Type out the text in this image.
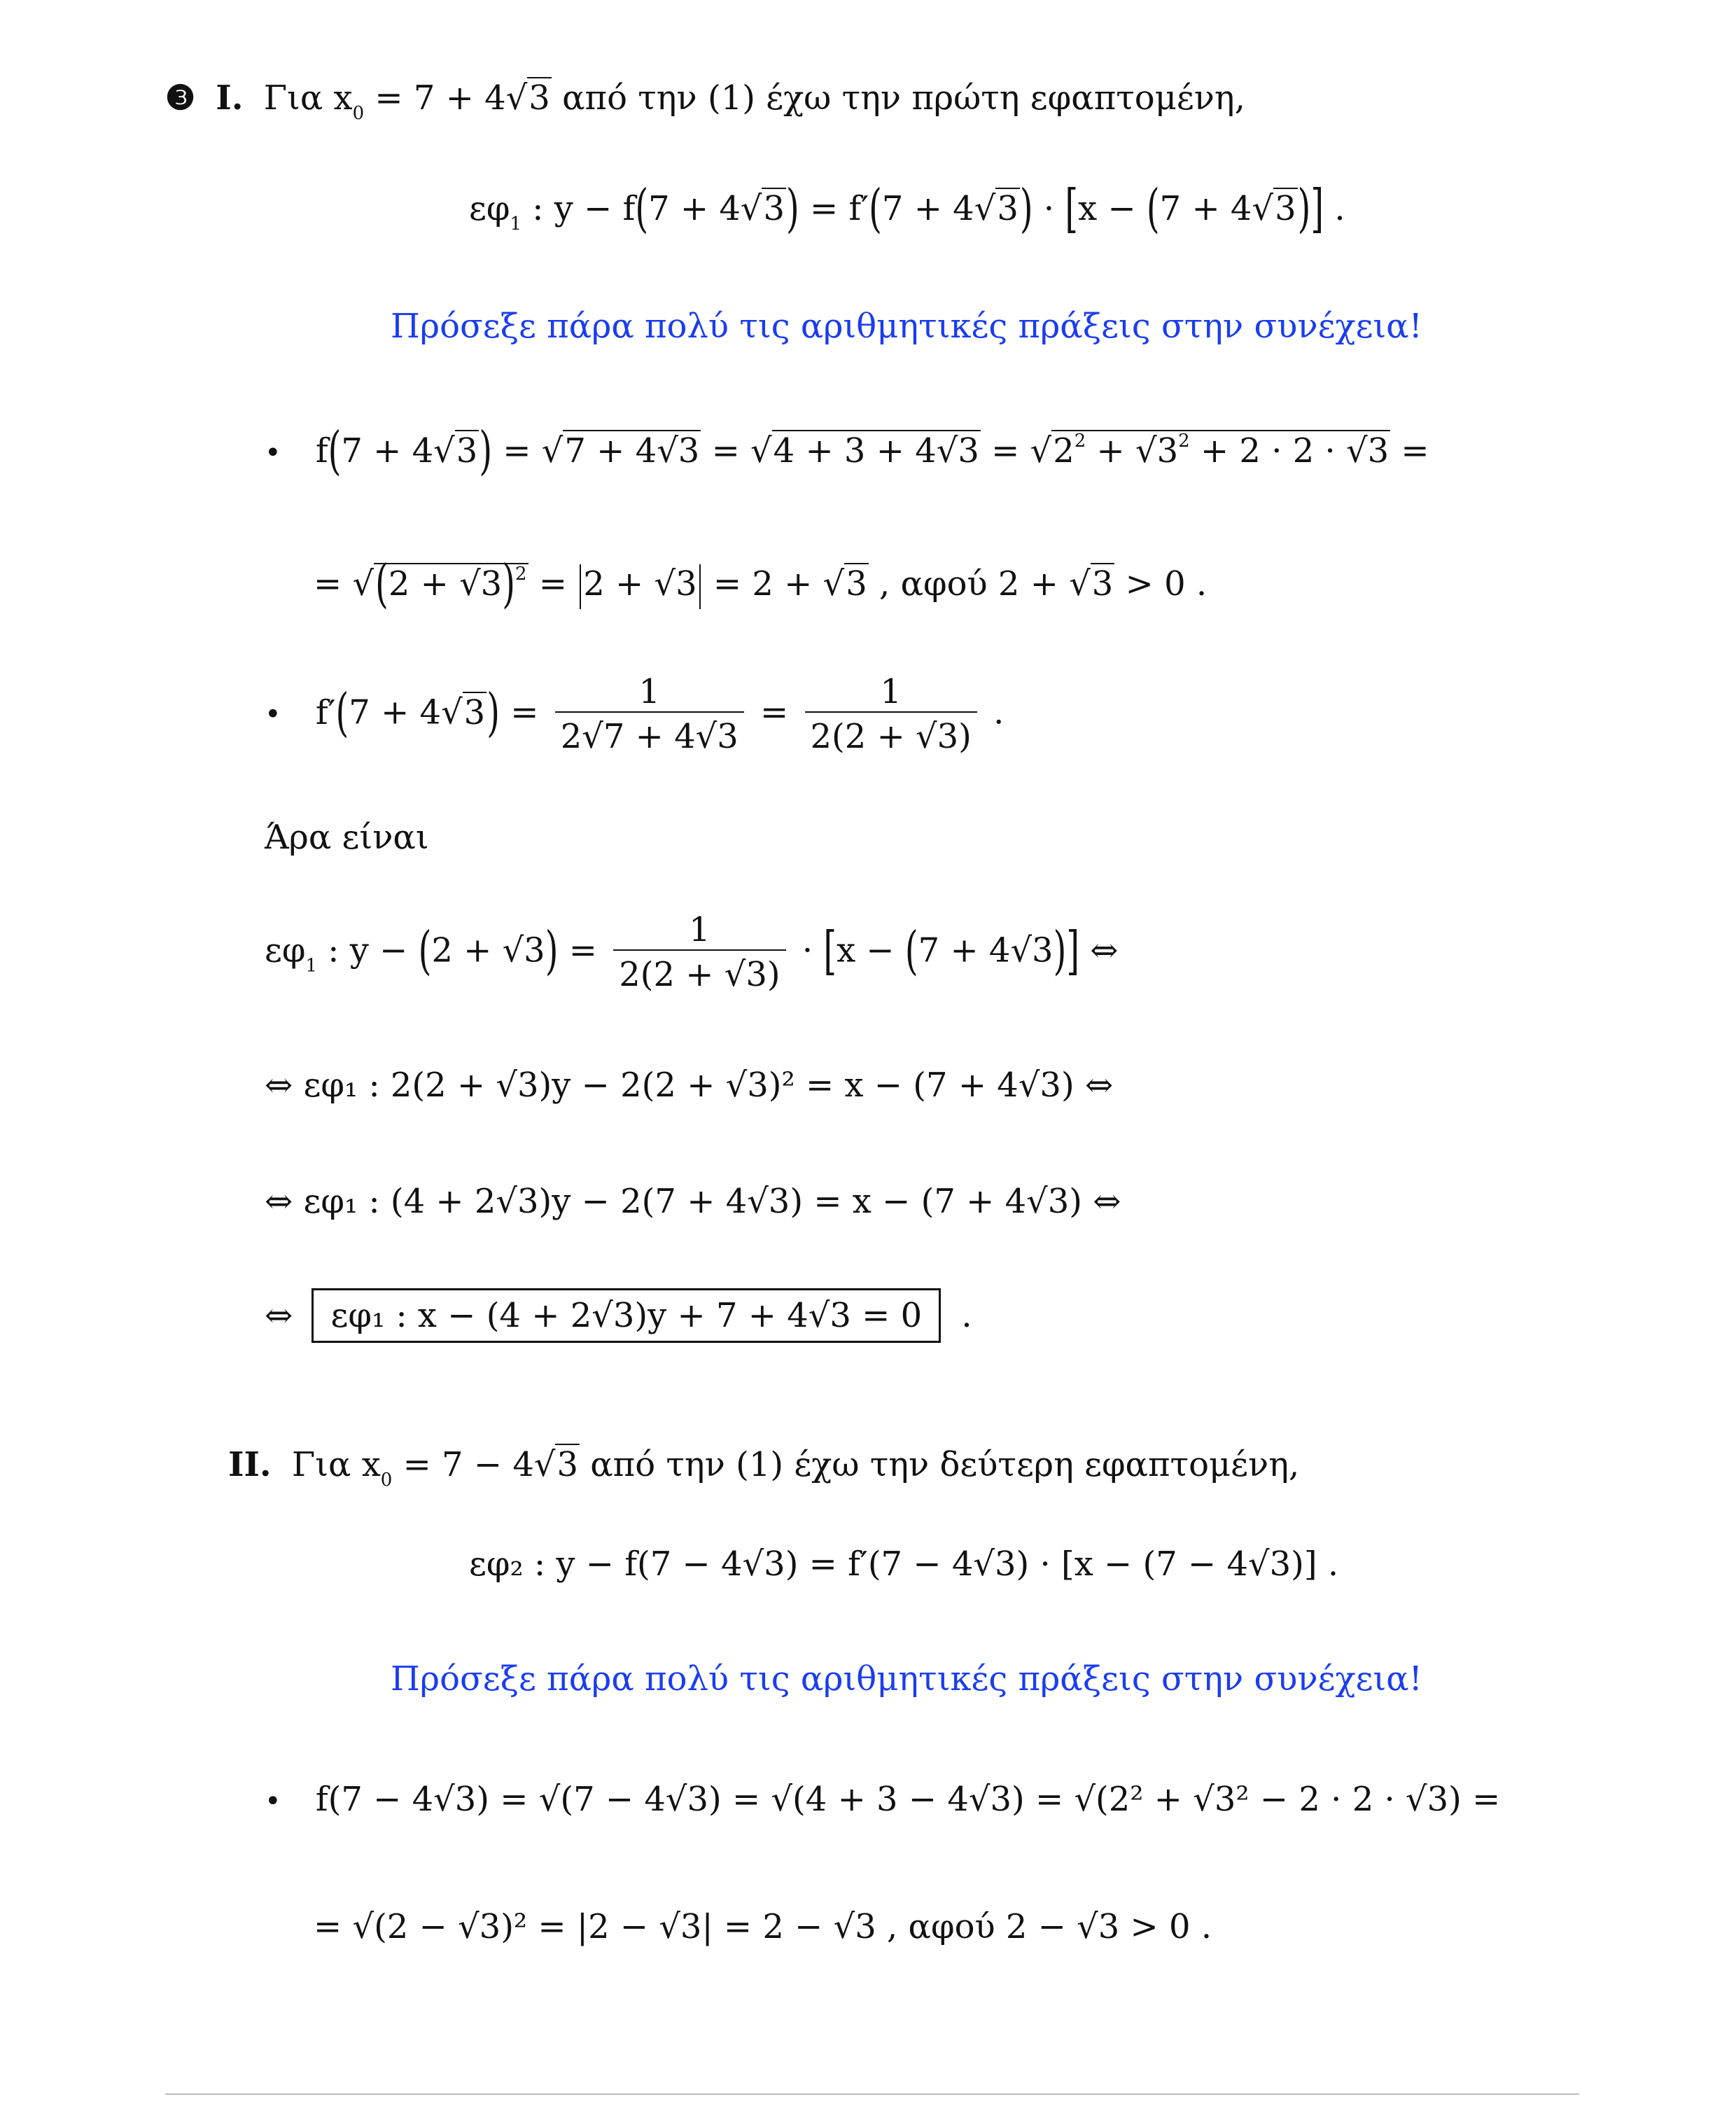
❸ I. Για $x_0 = 7 + 4√3$ από την (1) έχω την πρώτη εφαπτομένη,
$\varepsilon\varphi_1$ : y − f(7 + 4√3) = f′(7 + 4√3) · [x − (7 + 4√3)] .
Πρόσεξε πάρα πολύ τις αριθμητικές πράξεις στην συνέχεια!
• $f(7 + 4√3) = √7 + 4√3 = √4 + 3 + 4√3 = √2^2 + √3^2 + 2 \cdot 2 \cdot √3$ =
= $√(2 + √3)^2 = 2 + √3 = 2 + √3$ , αφού 2 + √3 > 0 .
• $f'(7 + 4√3) = \frac{1}{2√7 + 4√3} = \frac{1}{2(2 + √3)}$ .
Άρα είναι
$\varepsilon\varphi_1$ : $y - (2 + √3) = \frac{1}{2(2 + √3)} \cdot [x - (7 + 4√3)]$ ⇔
⇔ εφ₁ : 2(2 + √3)y − 2(2 + √3)² = x − (7 + 4√3) ⇔
⇔ εφ₁ : (4 + 2√3)y − 2(7 + 4√3) = x − (7 + 4√3) ⇔
⇔ εφ₁ : x − (4 + 2√3)y + 7 + 4√3 = 0 .
II. Για $x_0 = 7 - 4√3$ από την (1) έχω την δεύτερη εφαπτομένη,
εφ₂ : y − f(7 − 4√3) = f′(7 − 4√3) · [x − (7 − 4√3)] .
Πρόσεξε πάρα πολύ τις αριθμητικές πράξεις στην συνέχεια!
• f(7 − 4√3) = √(7 − 4√3) = √(4 + 3 − 4√3) = √(2² + √3² − 2 · 2 · √3) =
= √(2 − √3)² = |2 − √3| = 2 − √3 , αφού 2 − √3 > 0 .
